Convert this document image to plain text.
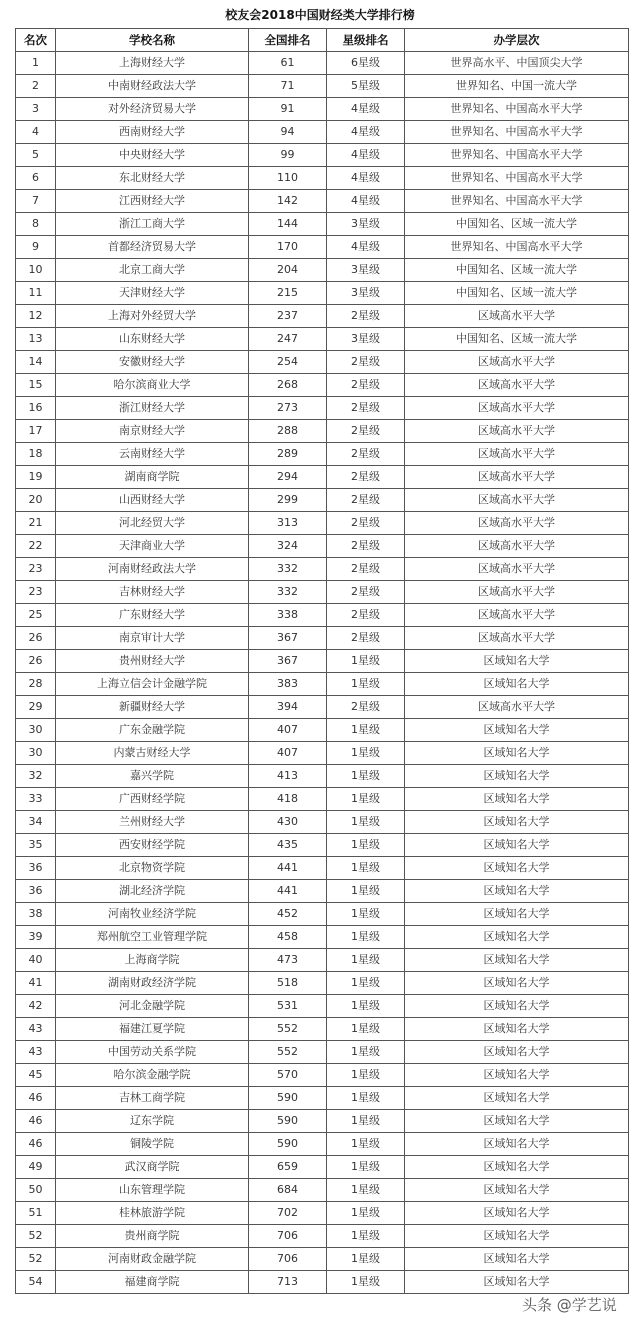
校友会2018中国财经类大学排行榜
名次	学校名称	全国排名	星级排名	办学层次
1	上海财经大学	61	6星级	世界高水平、中国顶尖大学
2	中南财经政法大学	71	5星级	世界知名、中国一流大学
3	对外经济贸易大学	91	4星级	世界知名、中国高水平大学
4	西南财经大学	94	4星级	世界知名、中国高水平大学
5	中央财经大学	99	4星级	世界知名、中国高水平大学
6	东北财经大学	110	4星级	世界知名、中国高水平大学
7	江西财经大学	142	4星级	世界知名、中国高水平大学
8	浙江工商大学	144	3星级	中国知名、区域一流大学
9	首都经济贸易大学	170	4星级	世界知名、中国高水平大学
10	北京工商大学	204	3星级	中国知名、区域一流大学
11	天津财经大学	215	3星级	中国知名、区域一流大学
12	上海对外经贸大学	237	2星级	区域高水平大学
13	山东财经大学	247	3星级	中国知名、区域一流大学
14	安徽财经大学	254	2星级	区域高水平大学
15	哈尔滨商业大学	268	2星级	区域高水平大学
16	浙江财经大学	273	2星级	区域高水平大学
17	南京财经大学	288	2星级	区域高水平大学
18	云南财经大学	289	2星级	区域高水平大学
19	湖南商学院	294	2星级	区域高水平大学
20	山西财经大学	299	2星级	区域高水平大学
21	河北经贸大学	313	2星级	区域高水平大学
22	天津商业大学	324	2星级	区域高水平大学
23	河南财经政法大学	332	2星级	区域高水平大学
23	吉林财经大学	332	2星级	区域高水平大学
25	广东财经大学	338	2星级	区域高水平大学
26	南京审计大学	367	2星级	区域高水平大学
26	贵州财经大学	367	1星级	区域知名大学
28	上海立信会计金融学院	383	1星级	区域知名大学
29	新疆财经大学	394	2星级	区域高水平大学
30	广东金融学院	407	1星级	区域知名大学
30	内蒙古财经大学	407	1星级	区域知名大学
32	嘉兴学院	413	1星级	区域知名大学
33	广西财经学院	418	1星级	区域知名大学
34	兰州财经大学	430	1星级	区域知名大学
35	西安财经学院	435	1星级	区域知名大学
36	北京物资学院	441	1星级	区域知名大学
36	湖北经济学院	441	1星级	区域知名大学
38	河南牧业经济学院	452	1星级	区域知名大学
39	郑州航空工业管理学院	458	1星级	区域知名大学
40	上海商学院	473	1星级	区域知名大学
41	湖南财政经济学院	518	1星级	区域知名大学
42	河北金融学院	531	1星级	区域知名大学
43	福建江夏学院	552	1星级	区域知名大学
43	中国劳动关系学院	552	1星级	区域知名大学
45	哈尔滨金融学院	570	1星级	区域知名大学
46	吉林工商学院	590	1星级	区域知名大学
46	辽东学院	590	1星级	区域知名大学
46	铜陵学院	590	1星级	区域知名大学
49	武汉商学院	659	1星级	区域知名大学
50	山东管理学院	684	1星级	区域知名大学
51	桂林旅游学院	702	1星级	区域知名大学
52	贵州商学院	706	1星级	区域知名大学
52	河南财政金融学院	706	1星级	区域知名大学
54	福建商学院	713	1星级	区域知名大学
头条 @学艺说
